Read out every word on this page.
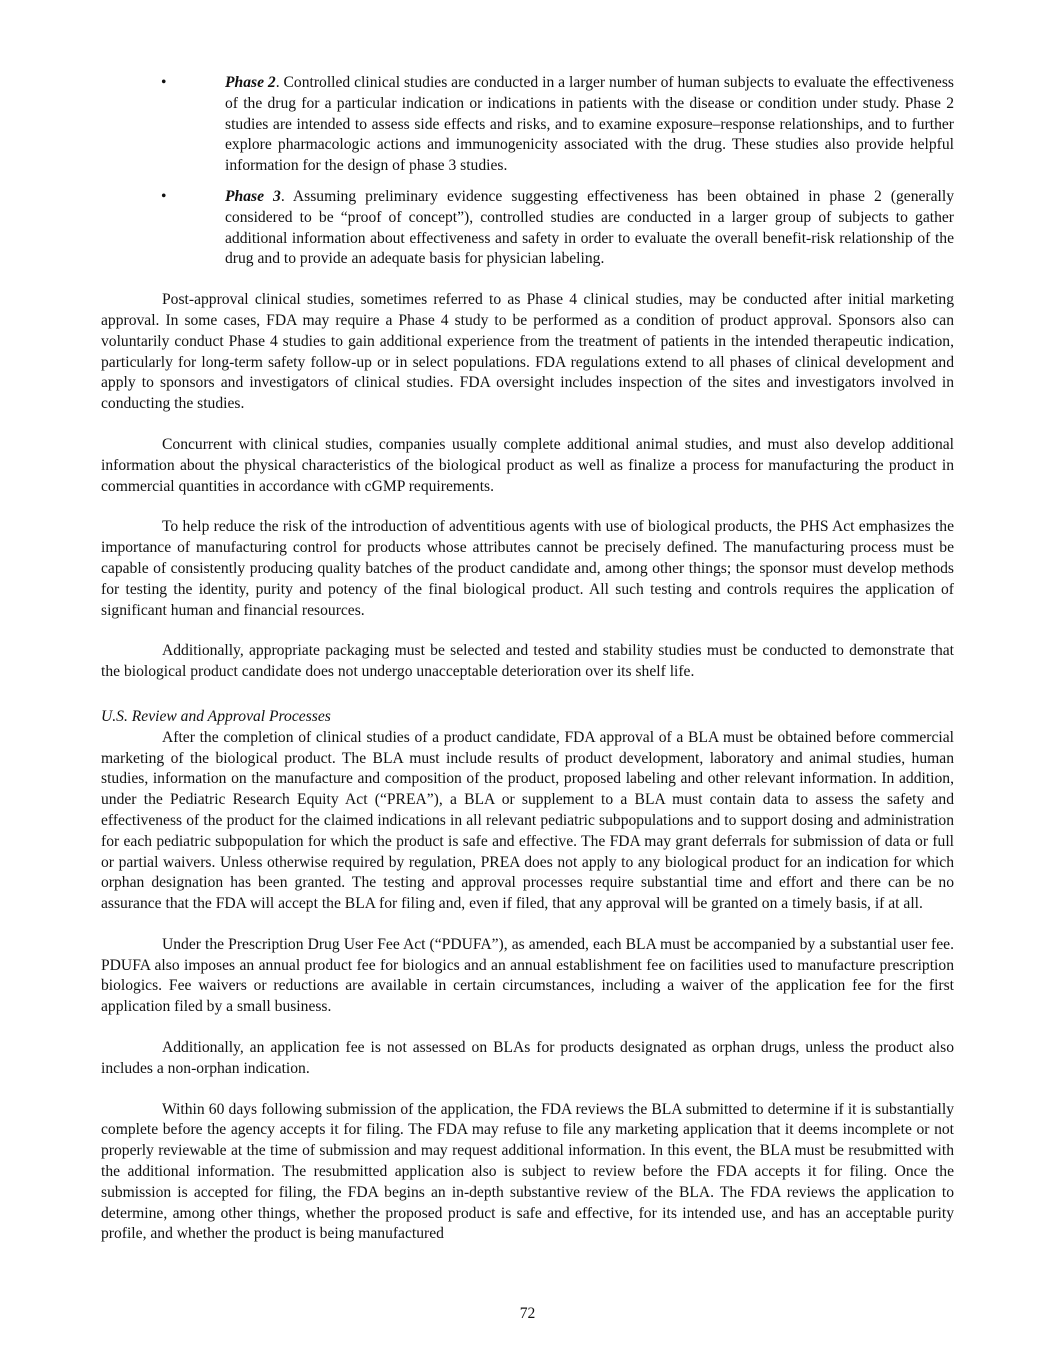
•	Phase 2. Controlled clinical studies are conducted in a larger number of human subjects to evaluate the effectiveness of the drug for a particular indication or indications in patients with the disease or condition under study. Phase 2 studies are intended to assess side effects and risks, and to examine exposure–response relationships, and to further explore pharmacologic actions and immunogenicity associated with the drug. These studies also provide helpful information for the design of phase 3 studies.
•	Phase 3. Assuming preliminary evidence suggesting effectiveness has been obtained in phase 2 (generally considered to be “proof of concept”), controlled studies are conducted in a larger group of subjects to gather additional information about effectiveness and safety in order to evaluate the overall benefit-risk relationship of the drug and to provide an adequate basis for physician labeling.

Post-approval clinical studies, sometimes referred to as Phase 4 clinical studies, may be conducted after initial marketing approval. In some cases, FDA may require a Phase 4 study to be performed as a condition of product approval. Sponsors also can voluntarily conduct Phase 4 studies to gain additional experience from the treatment of patients in the intended therapeutic indication, particularly for long-term safety follow-up or in select populations. FDA regulations extend to all phases of clinical development and apply to sponsors and investigators of clinical studies. FDA oversight includes inspection of the sites and investigators involved in conducting the studies.

Concurrent with clinical studies, companies usually complete additional animal studies, and must also develop additional information about the physical characteristics of the biological product as well as finalize a process for manufacturing the product in commercial quantities in accordance with cGMP requirements.

To help reduce the risk of the introduction of adventitious agents with use of biological products, the PHS Act emphasizes the importance of manufacturing control for products whose attributes cannot be precisely defined. The manufacturing process must be capable of consistently producing quality batches of the product candidate and, among other things; the sponsor must develop methods for testing the identity, purity and potency of the final biological product. All such testing and controls requires the application of significant human and financial resources.

Additionally, appropriate packaging must be selected and tested and stability studies must be conducted to demonstrate that the biological product candidate does not undergo unacceptable deterioration over its shelf life.

U.S. Review and Approval Processes

After the completion of clinical studies of a product candidate, FDA approval of a BLA must be obtained before commercial marketing of the biological product. The BLA must include results of product development, laboratory and animal studies, human studies, information on the manufacture and composition of the product, proposed labeling and other relevant information. In addition, under the Pediatric Research Equity Act (“PREA”), a BLA or supplement to a BLA must contain data to assess the safety and effectiveness of the product for the claimed indications in all relevant pediatric subpopulations and to support dosing and administration for each pediatric subpopulation for which the product is safe and effective. The FDA may grant deferrals for submission of data or full or partial waivers. Unless otherwise required by regulation, PREA does not apply to any biological product for an indication for which orphan designation has been granted. The testing and approval processes require substantial time and effort and there can be no assurance that the FDA will accept the BLA for filing and, even if filed, that any approval will be granted on a timely basis, if at all.

Under the Prescription Drug User Fee Act (“PDUFA”), as amended, each BLA must be accompanied by a substantial user fee. PDUFA also imposes an annual product fee for biologics and an annual establishment fee on facilities used to manufacture prescription biologics. Fee waivers or reductions are available in certain circumstances, including a waiver of the application fee for the first application filed by a small business.

Additionally, an application fee is not assessed on BLAs for products designated as orphan drugs, unless the product also includes a non-orphan indication.

Within 60 days following submission of the application, the FDA reviews the BLA submitted to determine if it is substantially complete before the agency accepts it for filing. The FDA may refuse to file any marketing application that it deems incomplete or not properly reviewable at the time of submission and may request additional information. In this event, the BLA must be resubmitted with the additional information. The resubmitted application also is subject to review before the FDA accepts it for filing. Once the submission is accepted for filing, the FDA begins an in-depth substantive review of the BLA. The FDA reviews the application to determine, among other things, whether the proposed product is safe and effective, for its intended use, and has an acceptable purity profile, and whether the product is being manufactured

72
